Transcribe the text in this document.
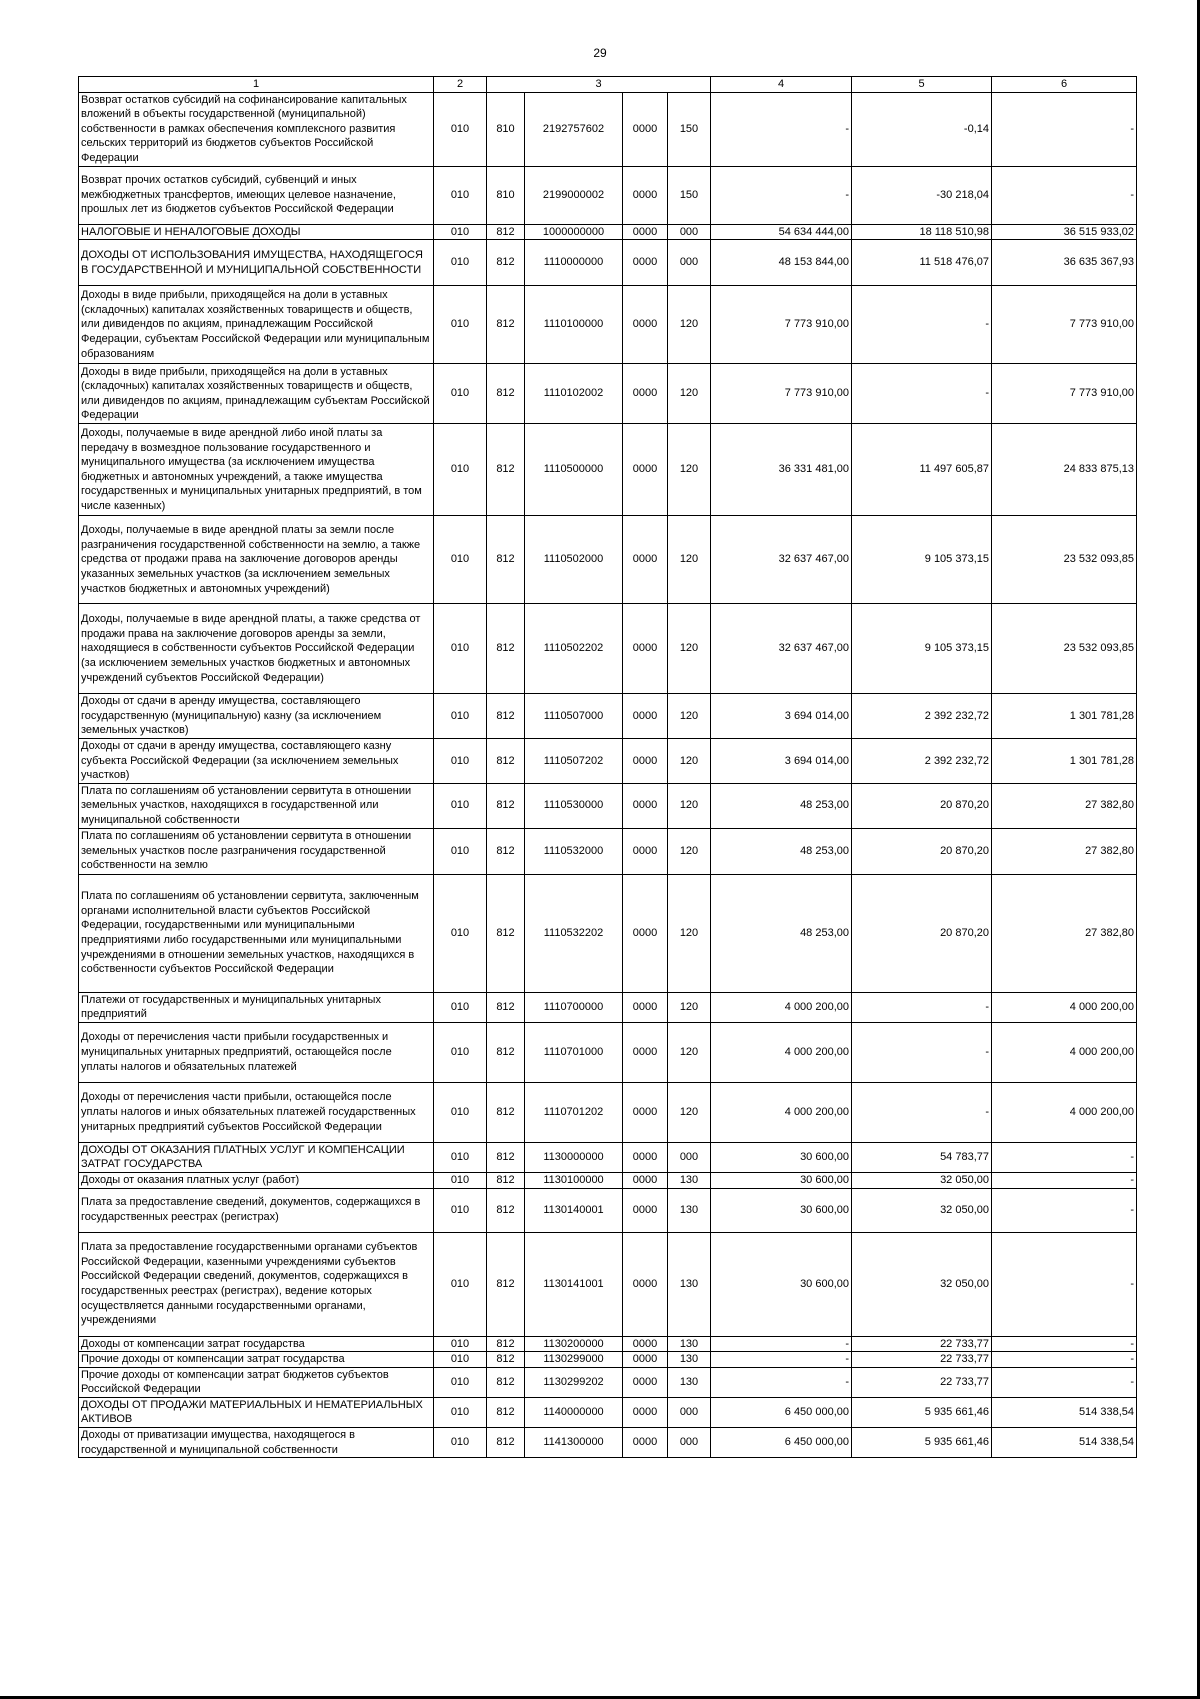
29
1	2	3				4	5	6
Возврат остатков субсидий на софинансирование капитальных вложений в объекты государственной (муниципальной) собственности в рамках обеспечения комплексного развития сельских территорий из бюджетов субъектов Российской Федерации	010	810	2192757602	0000	150	-	-0,14	-
Возврат прочих остатков субсидий, субвенций и иных межбюджетных трансфертов, имеющих целевое назначение, прошлых лет из бюджетов субъектов Российской Федерации	010	810	2199000002	0000	150	-	-30 218,04	-
НАЛОГОВЫЕ И НЕНАЛОГОВЫЕ ДОХОДЫ	010	812	1000000000	0000	000	54 634 444,00	18 118 510,98	36 515 933,02
ДОХОДЫ ОТ ИСПОЛЬЗОВАНИЯ ИМУЩЕСТВА, НАХОДЯЩЕГОСЯ В ГОСУДАРСТВЕННОЙ И МУНИЦИПАЛЬНОЙ СОБСТВЕННОСТИ	010	812	1110000000	0000	000	48 153 844,00	11 518 476,07	36 635 367,93
Доходы в виде прибыли, приходящейся на доли в уставных (складочных) капиталах хозяйственных товариществ и обществ, или дивидендов по акциям, принадлежащим Российской Федерации, субъектам Российской Федерации или муниципальным образованиям	010	812	1110100000	0000	120	7 773 910,00	-	7 773 910,00
Доходы в виде прибыли, приходящейся на доли в уставных (складочных) капиталах хозяйственных товариществ и обществ, или дивидендов по акциям, принадлежащим субъектам Российской Федерации	010	812	1110102002	0000	120	7 773 910,00	-	7 773 910,00
Доходы, получаемые в виде арендной либо иной платы за передачу в возмездное пользование государственного и муниципального имущества (за исключением имущества бюджетных и автономных учреждений, а также имущества государственных и муниципальных унитарных предприятий, в том числе казенных)	010	812	1110500000	0000	120	36 331 481,00	11 497 605,87	24 833 875,13
Доходы, получаемые в виде арендной платы за земли после разграничения государственной собственности на землю, а также средства от продажи права на заключение договоров аренды указанных земельных участков (за исключением земельных участков бюджетных и автономных учреждений)	010	812	1110502000	0000	120	32 637 467,00	9 105 373,15	23 532 093,85
Доходы, получаемые в виде арендной платы, а также средства от продажи права на заключение договоров аренды за земли, находящиеся в собственности субъектов Российской Федерации (за исключением земельных участков бюджетных и автономных учреждений субъектов Российской Федерации)	010	812	1110502202	0000	120	32 637 467,00	9 105 373,15	23 532 093,85
Доходы от сдачи в аренду имущества, составляющего государственную (муниципальную) казну (за исключением земельных участков)	010	812	1110507000	0000	120	3 694 014,00	2 392 232,72	1 301 781,28
Доходы от сдачи в аренду имущества, составляющего казну субъекта Российской Федерации (за исключением земельных участков)	010	812	1110507202	0000	120	3 694 014,00	2 392 232,72	1 301 781,28
Плата по соглашениям об установлении сервитута в отношении земельных участков, находящихся в государственной или муниципальной собственности	010	812	1110530000	0000	120	48 253,00	20 870,20	27 382,80
Плата по соглашениям об установлении сервитута в отношении земельных участков после разграничения государственной собственности на землю	010	812	1110532000	0000	120	48 253,00	20 870,20	27 382,80
Плата по соглашениям об установлении сервитута, заключенным органами исполнительной власти субъектов Российской Федерации, государственными или муниципальными предприятиями либо государственными или муниципальными учреждениями в отношении земельных участков, находящихся в собственности субъектов Российской Федерации	010	812	1110532202	0000	120	48 253,00	20 870,20	27 382,80
Платежи от государственных и муниципальных унитарных предприятий	010	812	1110700000	0000	120	4 000 200,00	-	4 000 200,00
Доходы от перечисления части прибыли государственных и муниципальных унитарных предприятий, остающейся после уплаты налогов и обязательных платежей	010	812	1110701000	0000	120	4 000 200,00	-	4 000 200,00
Доходы от перечисления части прибыли, остающейся после уплаты налогов и иных обязательных платежей государственных унитарных предприятий субъектов Российской Федерации	010	812	1110701202	0000	120	4 000 200,00	-	4 000 200,00
ДОХОДЫ ОТ ОКАЗАНИЯ ПЛАТНЫХ УСЛУГ И КОМПЕНСАЦИИ ЗАТРАТ ГОСУДАРСТВА	010	812	1130000000	0000	000	30 600,00	54 783,77	-
Доходы от оказания платных услуг (работ)	010	812	1130100000	0000	130	30 600,00	32 050,00	-
Плата за предоставление сведений, документов, содержащихся в государственных реестрах (регистрах)	010	812	1130140001	0000	130	30 600,00	32 050,00	-
Плата за предоставление государственными органами субъектов Российской Федерации, казенными учреждениями субъектов Российской Федерации сведений, документов, содержащихся в государственных реестрах (регистрах), ведение которых осуществляется данными государственными органами, учреждениями	010	812	1130141001	0000	130	30 600,00	32 050,00	-
Доходы от компенсации затрат государства	010	812	1130200000	0000	130	-	22 733,77	-
Прочие доходы от компенсации затрат государства	010	812	1130299000	0000	130	-	22 733,77	-
Прочие доходы от компенсации затрат бюджетов субъектов Российской Федерации	010	812	1130299202	0000	130	-	22 733,77	-
ДОХОДЫ ОТ ПРОДАЖИ МАТЕРИАЛЬНЫХ И НЕМАТЕРИАЛЬНЫХ АКТИВОВ	010	812	1140000000	0000	000	6 450 000,00	5 935 661,46	514 338,54
Доходы от приватизации имущества, находящегося в государственной и муниципальной собственности	010	812	1141300000	0000	000	6 450 000,00	5 935 661,46	514 338,54
